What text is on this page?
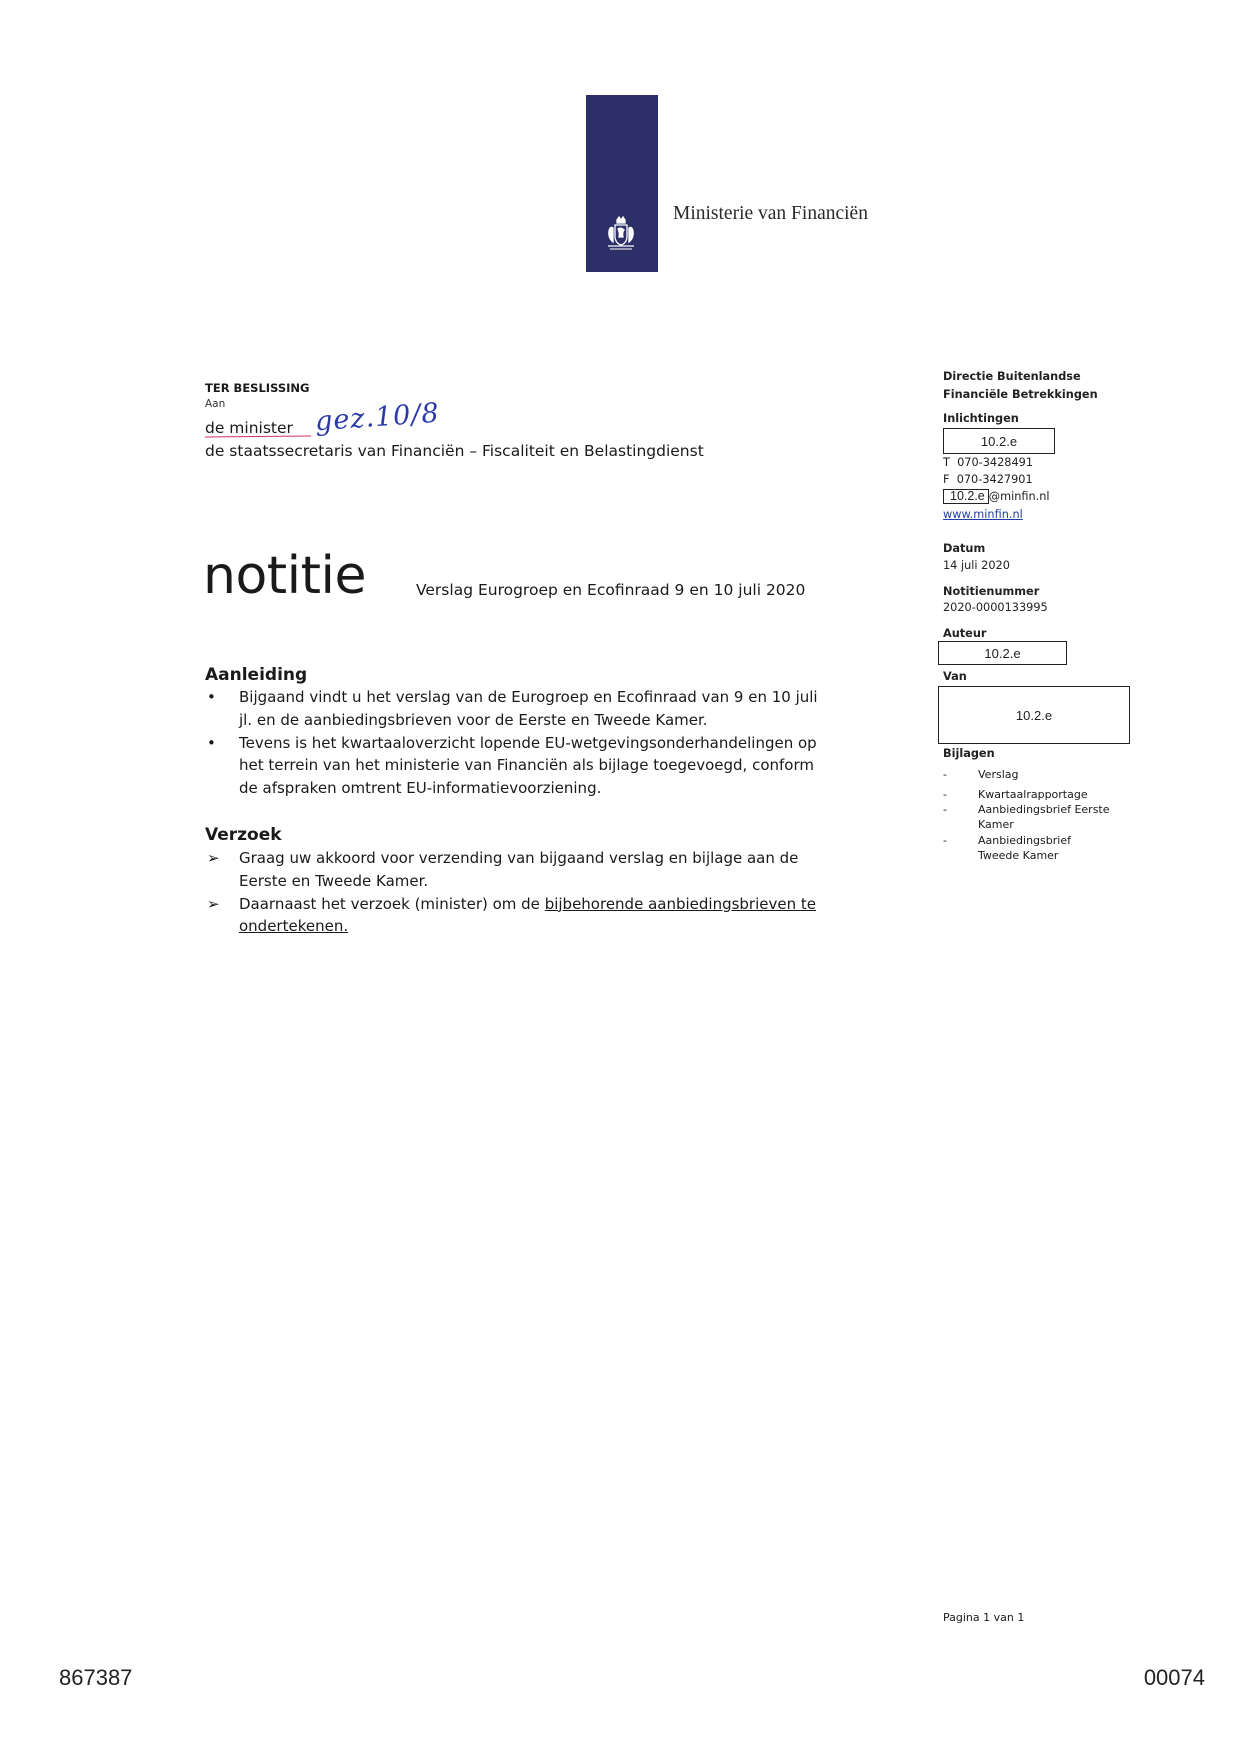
Ministerie van Financiën
TER BESLISSING
Aan
de minister gez.10/8
de staatssecretaris van Financiën – Fiscaliteit en Belastingdienst
notitie	Verslag Eurogroep en Ecofinraad 9 en 10 juli 2020
Aanleiding
• Bijgaand vindt u het verslag van de Eurogroep en Ecofinraad van 9 en 10 juli
jl. en de aanbiedingsbrieven voor de Eerste en Tweede Kamer.
• Tevens is het kwartaaloverzicht lopende EU-wetgevingsonderhandelingen op
het terrein van het ministerie van Financiën als bijlage toegevoegd, conform
de afspraken omtrent EU-informatievoorziening.
Verzoek
➢ Graag uw akkoord voor verzending van bijgaand verslag en bijlage aan de
Eerste en Tweede Kamer.
➢ Daarnaast het verzoek (minister) om de bijbehorende aanbiedingsbrieven te
ondertekenen.
Directie Buitenlandse
Financiële Betrekkingen
Inlichtingen
10.2.e
T 070-3428491
F 070-3427901
10.2.e @minfin.nl
www.minfin.nl
Datum
14 juli 2020
Notitienummer
2020-0000133995
Auteur
10.2.e
Van
10.2.e
Bijlagen
-	Verslag
-	Kwartaalrapportage
-	Aanbiedingsbrief Eerste
Kamer
-	Aanbiedingsbrief
Tweede Kamer
Pagina 1 van 1
867387	00074
